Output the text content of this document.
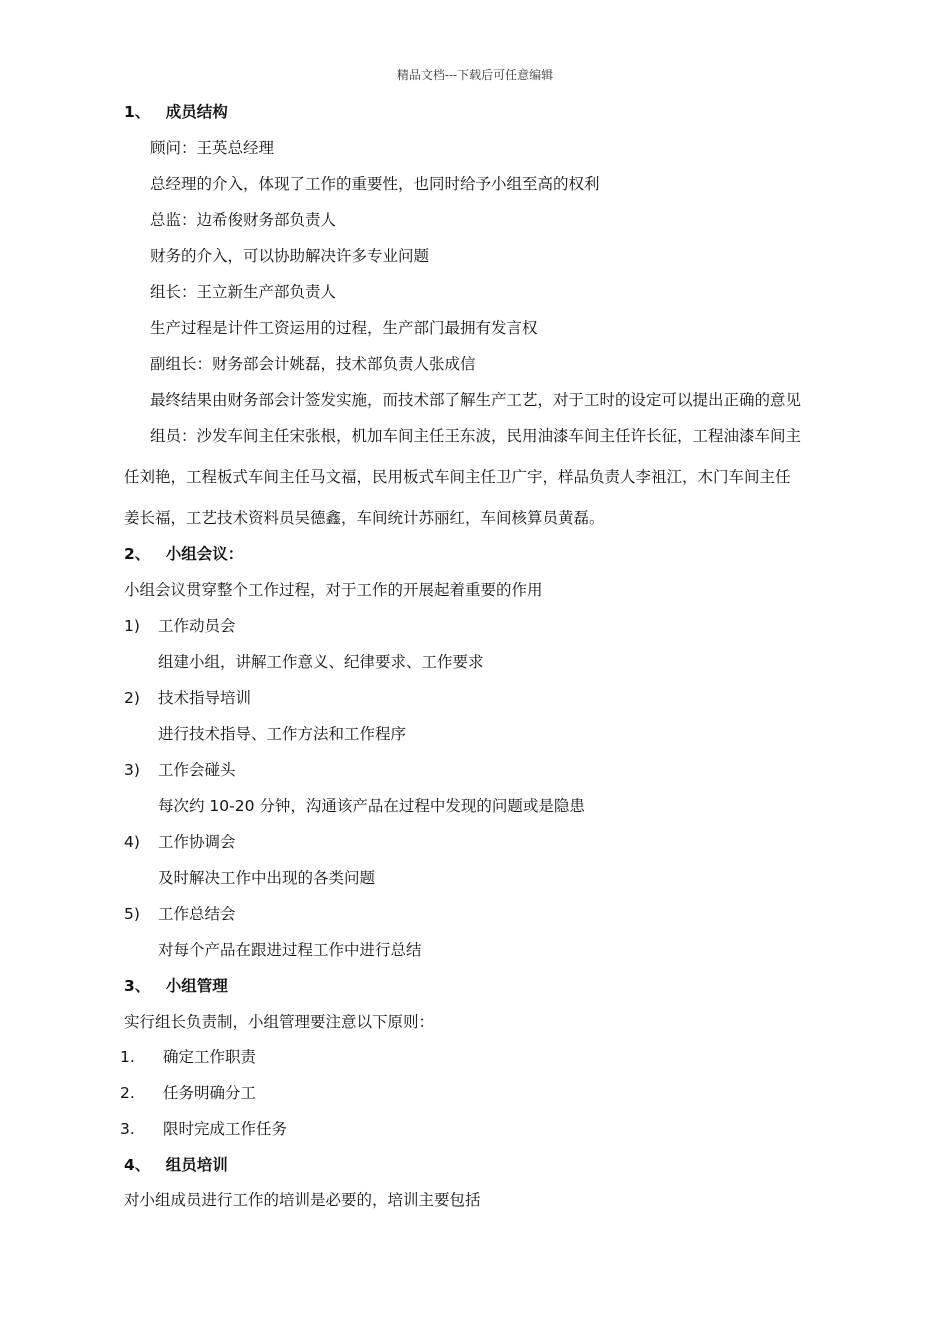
精品文档---下载后可任意编辑
1、 成员结构
顾问：王英总经理
总经理的介入，体现了工作的重要性，也同时给予小组至高的权利
总监：边希俊财务部负责人
财务的介入，可以协助解决许多专业问题
组长：王立新生产部负责人
生产过程是计件工资运用的过程，生产部门最拥有发言权
副组长：财务部会计姚磊，技术部负责人张成信
最终结果由财务部会计签发实施，而技术部了解生产工艺，对于工时的设定可以提出正确的意见
组员：沙发车间主任宋张根，机加车间主任王东波，民用油漆车间主任许长征，工程油漆车间主
任刘艳，工程板式车间主任马文福，民用板式车间主任卫广宇，样品负责人李祖江，木门车间主任
姜长福，工艺技术资料员吴德鑫，车间统计苏丽红，车间核算员黄磊。
2、 小组会议：
小组会议贯穿整个工作过程，对于工作的开展起着重要的作用
1) 工作动员会
组建小组，讲解工作意义、纪律要求、工作要求
2) 技术指导培训
进行技术指导、工作方法和工作程序
3) 工作会碰头
每次约 10-20 分钟，沟通该产品在过程中发现的问题或是隐患
4) 工作协调会
及时解决工作中出现的各类问题
5) 工作总结会
对每个产品在跟进过程工作中进行总结
3、 小组管理
实行组长负责制，小组管理要注意以下原则：
1. 确定工作职责
2. 任务明确分工
3. 限时完成工作任务
4、 组员培训
对小组成员进行工作的培训是必要的，培训主要包括
